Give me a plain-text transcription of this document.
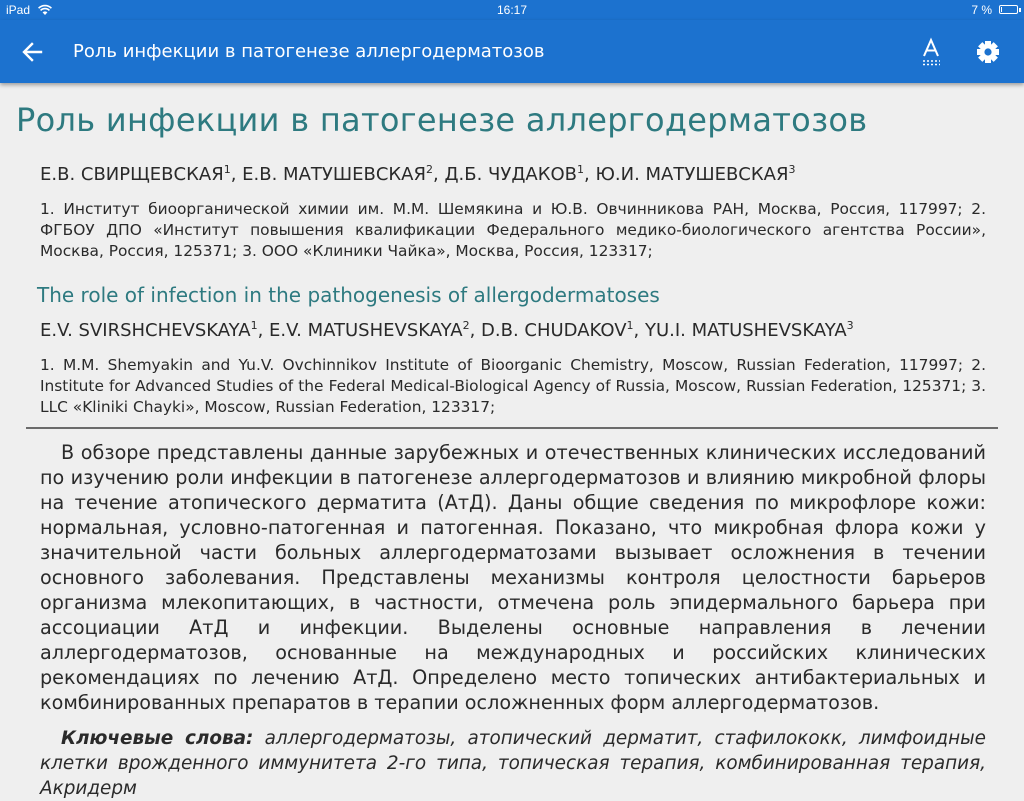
iPad	16:17	7 %
Роль инфекции в патогенезе аллергодерматозов
Роль инфекции в патогенезе аллергодерматозов

Е.В. СВИРЩЕВСКАЯ$^1$, Е.В. МАТУШЕВСКАЯ$^2$, Д.Б. ЧУДАКОВ$^1$, Ю.И. МАТУШЕВСКАЯ$^3$

1. Институт биоорганической химии им. М.М. Шемякина и Ю.В. Овчинникова РАН, Москва, Россия, 117997; 2. ФГБОУ ДПО «Институт повышения квалификации Федерального медико-биологического агентства России», Москва, Россия, 125371; 3. ООО «Клиники Чайка», Москва, Россия, 123317;

The role of infection in the pathogenesis of allergodermatoses

E.V. SVIRSHCHEVSKAYA$^1$, E.V. MATUSHEVSKAYA$^2$, D.B. CHUDAKOV$^1$, YU.I. MATUSHEVSKAYA$^3$

1. M.M. Shemyakin and Yu.V. Ovchinnikov Institute of Bioorganic Chemistry, Moscow, Russian Federation, 117997; 2. Institute for Advanced Studies of the Federal Medical-Biological Agency of Russia, Moscow, Russian Federation, 125371; 3. LLC «Kliniki Chayki», Moscow, Russian Federation, 123317;

В обзоре представлены данные зарубежных и отечественных клинических исследований по изучению роли инфекции в патогенезе аллергодерматозов и влиянию микробной флоры на течение атопического дерматита (АтД). Даны общие сведения по микрофлоре кожи: нормальная, условно-патогенная и патогенная. Показано, что микробная флора кожи у значительной части больных аллергодерматозами вызывает осложнения в течении основного заболевания. Представлены механизмы контроля целостности барьеров организма млекопитающих, в частности, отмечена роль эпидермального барьера при ассоциации АтД и инфекции. Выделены основные направления в лечении аллергодерматозов, основанные на международных и российских клинических рекомендациях по лечению АтД. Определено место топических антибактериальных и комбинированных препаратов в терапии осложненных форм аллергодерматозов.

Ключевые слова: аллергодерматозы, атопический дерматит, стафилококк, лимфоидные клетки врожденного иммунитета 2-го типа, топическая терапия, комбинированная терапия, Акридерм
